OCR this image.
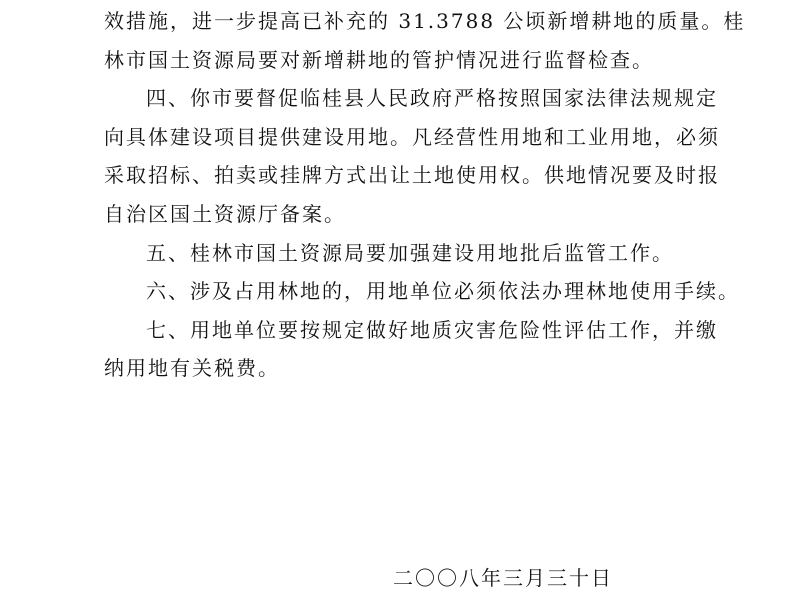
效措施，进一步提高已补充的 31.3788 公顷新增耕地的质量。桂
林市国土资源局要对新增耕地的管护情况进行监督检查。
四、你市要督促临桂县人民政府严格按照国家法律法规规定
向具体建设项目提供建设用地。凡经营性用地和工业用地，必须
采取招标、拍卖或挂牌方式出让土地使用权。供地情况要及时报
自治区国土资源厅备案。
五、桂林市国土资源局要加强建设用地批后监管工作。
六、涉及占用林地的，用地单位必须依法办理林地使用手续。
七、用地单位要按规定做好地质灾害危险性评估工作，并缴
纳用地有关税费。
二〇〇八年三月三十日
